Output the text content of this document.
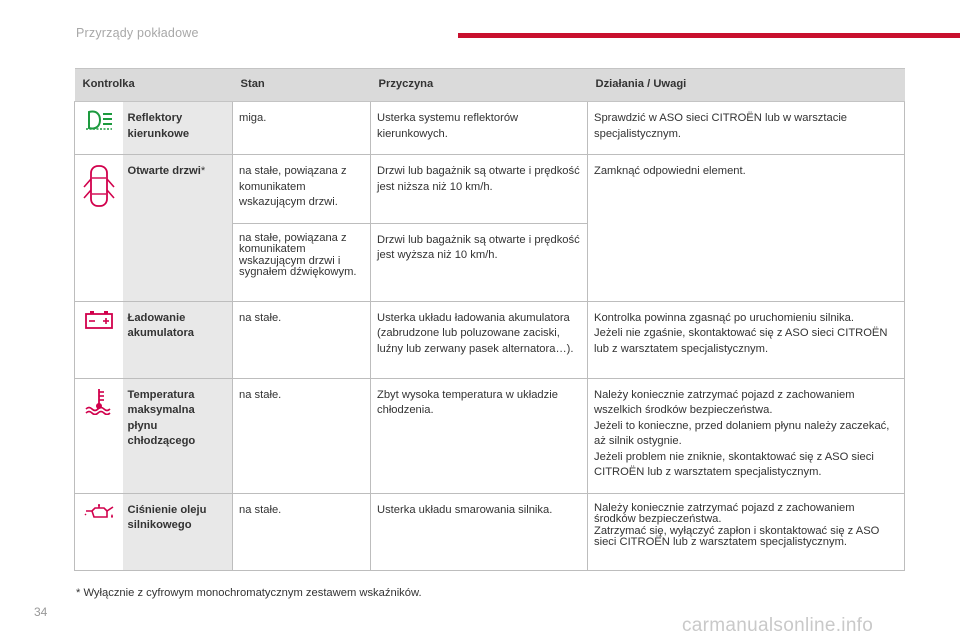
Przyrządy pokładowe
Kontrolka		Stan	Przyczyna	Działania / Uwagi
	Reflektory kierunkowe	miga.	Usterka systemu reflektorów kierunkowych.	Sprawdzić w ASO sieci CITROËN lub w warsztacie specjalistycznym.
	Otwarte drzwi*	na stałe, powiązana z komunikatem wskazującym drzwi.	Drzwi lub bagażnik są otwarte i prędkość jest niższa niż 10 km/h.	Zamknąć odpowiedni element.
		na stałe, powiązana z komunikatem wskazującym drzwi i sygnałem dźwiękowym.	Drzwi lub bagażnik są otwarte i prędkość jest wyższa niż 10 km/h.	
	Ładowanie akumulatora	na stałe.	Usterka układu ładowania akumulatora (zabrudzone lub poluzowane zaciski, luźny lub zerwany pasek alternatora…).	Kontrolka powinna zgasnąć po uruchomieniu silnika.
Jeżeli nie zgaśnie, skontaktować się z ASO sieci CITROËN lub z warsztatem specjalistycznym.

	Temperatura maksymalna płynu chłodzącego	na stałe.	Zbyt wysoka temperatura w układzie chłodzenia.	Należy koniecznie zatrzymać pojazd z zachowaniem wszelkich środków bezpieczeństwa.
Jeżeli to konieczne, przed dolaniem płynu należy zaczekać, aż silnik ostygnie.
Jeżeli problem nie zniknie, skontaktować się z ASO sieci CITROËN lub z warsztatem specjalistycznym.

	Ciśnienie oleju silnikowego	na stałe.	Usterka układu smarowania silnika.	Należy koniecznie zatrzymać pojazd z zachowaniem środków bezpieczeństwa.
Zatrzymać się, wyłączyć zapłon i skontaktować się z ASO sieci CITROËN lub z warsztatem specjalistycznym.
* Wyłącznie z cyfrowym monochromatycznym zestawem wskaźników.
34
carmanualsonline.info
